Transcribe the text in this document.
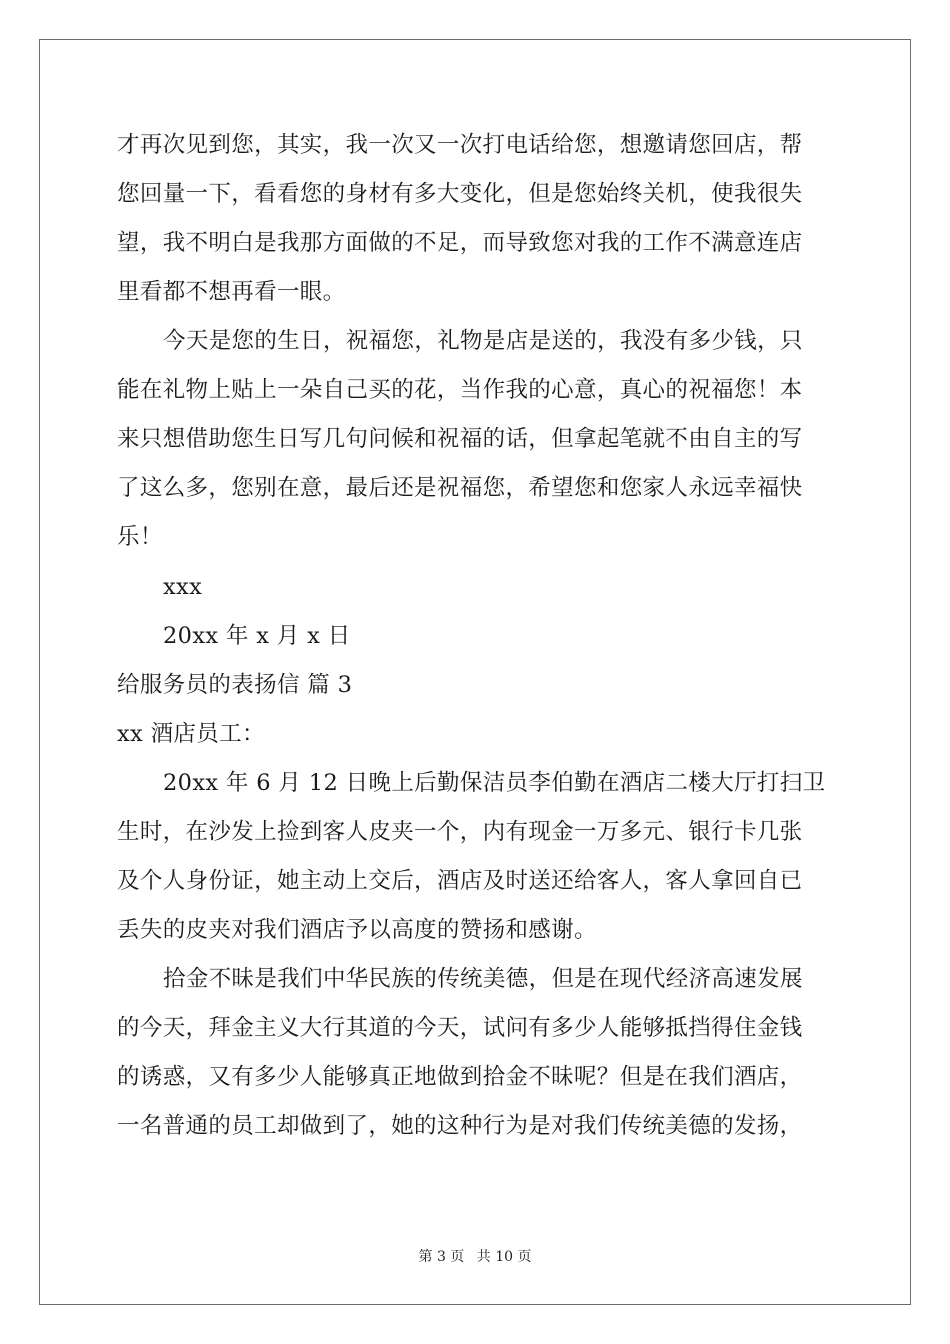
才再次见到您，其实，我一次又一次打电话给您，想邀请您回店，帮
您回量一下，看看您的身材有多大变化，但是您始终关机，使我很失
望，我不明白是我那方面做的不足，而导致您对我的工作不满意连店
里看都不想再看一眼。
今天是您的生日，祝福您，礼物是店是送的，我没有多少钱，只
能在礼物上贴上一朵自己买的花，当作我的心意，真心的祝福您！本
来只想借助您生日写几句问候和祝福的话，但拿起笔就不由自主的写
了这么多，您别在意，最后还是祝福您，希望您和您家人永远幸福快
乐！
xxx
20xx 年 x 月 x 日
给服务员的表扬信 篇 3
xx 酒店员工：
20xx 年 6 月 12 日晚上后勤保洁员李伯勤在酒店二楼大厅打扫卫
生时，在沙发上捡到客人皮夹一个，内有现金一万多元、银行卡几张
及个人身份证，她主动上交后，酒店及时送还给客人，客人拿回自已
丢失的皮夹对我们酒店予以高度的赞扬和感谢。
拾金不昧是我们中华民族的传统美德，但是在现代经济高速发展
的今天，拜金主义大行其道的今天，试问有多少人能够抵挡得住金钱
的诱惑，又有多少人能够真正地做到拾金不昧呢？但是在我们酒店，
一名普通的员工却做到了，她的这种行为是对我们传统美德的发扬，
第 3 页 共 10 页
